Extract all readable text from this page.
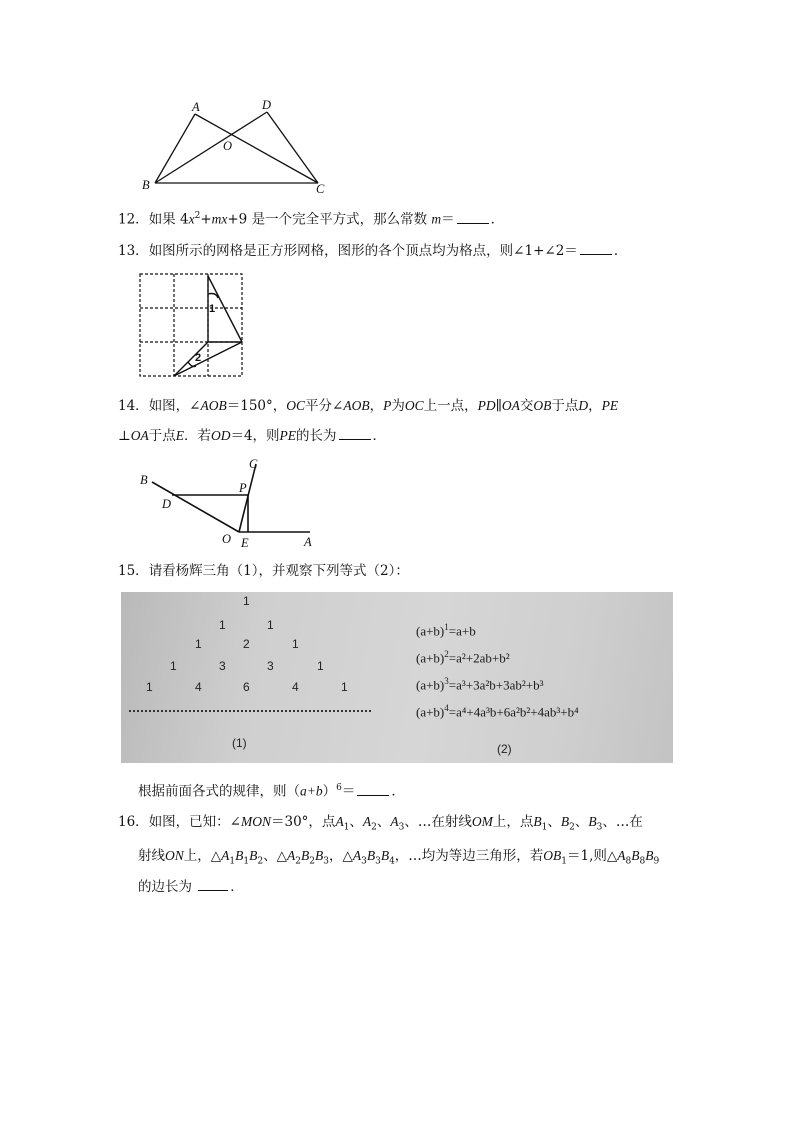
A	D
O
B	C
12．如果 $4x^2+mx+9$ 是一个完全平方式，那么常数 m＝	．
13．如图所示的网格是正方形网格，图形的各个顶点均为格点，则∠1+∠2＝	．
1
2
14．如图，∠AOB＝150°，OC平分∠AOB，P为OC上一点，PD∥OA交OB于点D，PE
⊥OA于点E．若OD＝4，则PE的长为	．
B
D
C
P
O E	A
15．请看杨辉三角（1），并观察下列等式（2）：
1
1	1
1	2	1
1	3	3	1
1	4	6	4	1
(1)
$(a+b)^1=a+b$
$(a+b)^2=a^2+2ab+b^2$
$(a+b)^3=a^3+3a^2b+3ab^2+b^3$
$(a+b)^4=a^4+4a^3b+6a^2b^2+4ab^3+b^4$
(2)
根据前面各式的规律，则$(a+b)^6=$	．
16．如图，已知：∠MON＝30°，点$A_1$、$A_2$、$A_3$、…在射线OM上，点$B_1$、$B_2$、$B_3$、…在
射线ON上，$\triangle A_1B_1B_2$、$\triangle A_2B_2B_3$，$\triangle A_3B_3B_4$，…均为等边三角形，若$OB_1=1$,则$\triangle A_8B_8B_9$
的边长为	．
